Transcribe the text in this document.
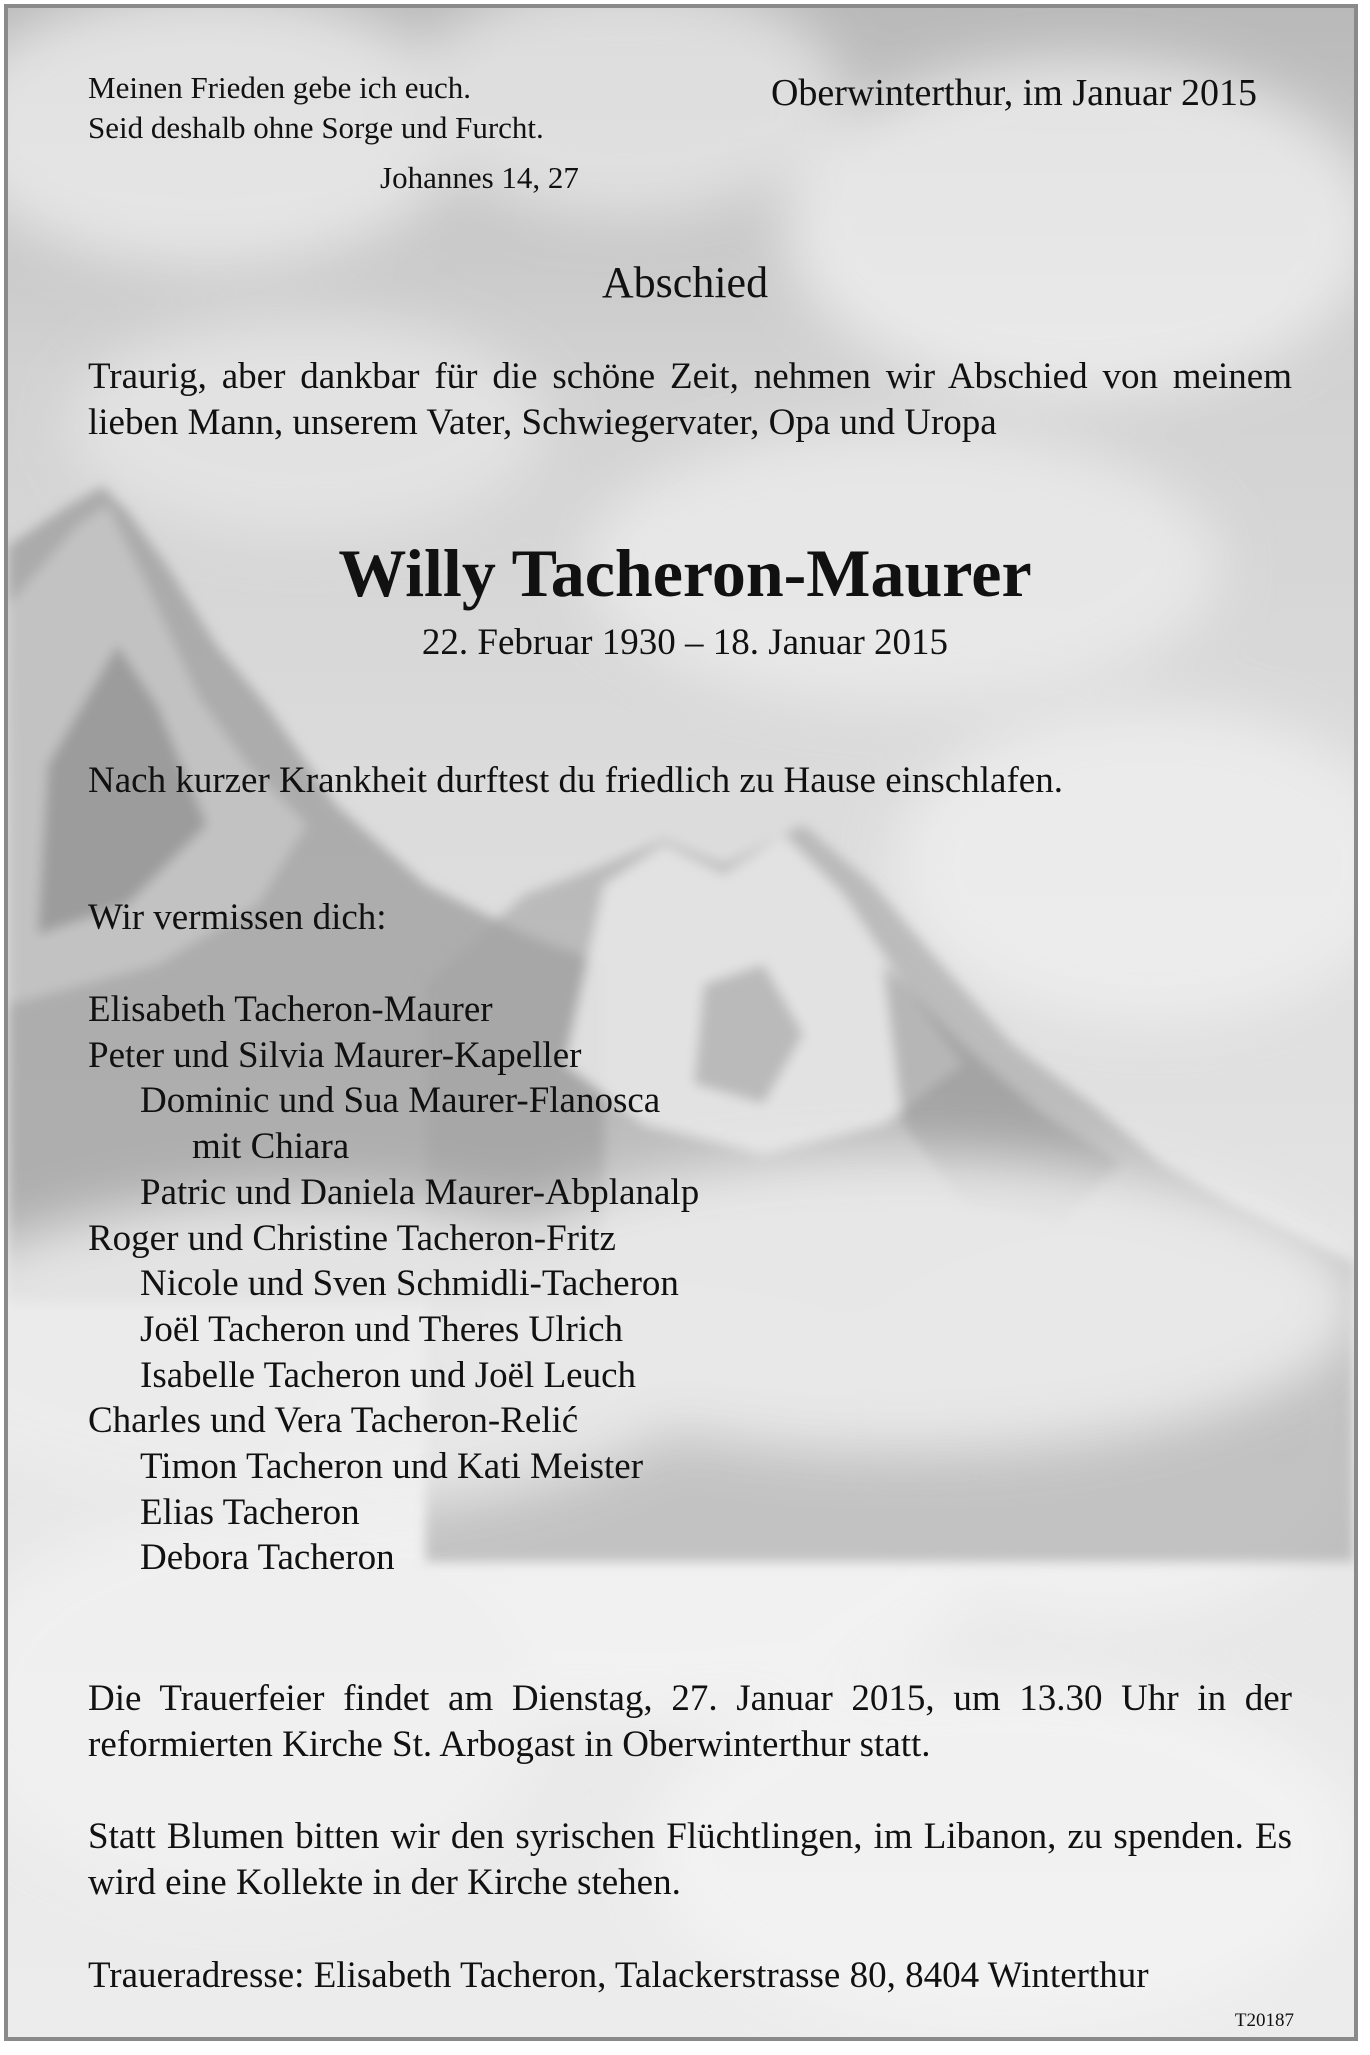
Meinen Frieden gebe ich euch.
Seid deshalb ohne Sorge und Furcht.
Johannes 14, 27
Oberwinterthur, im Januar 2015
Abschied

Traurig, aber dankbar für die schöne Zeit, nehmen wir Abschied von meinem lieben Mann, unserem Vater, Schwiegervater, Opa und Uropa

Willy Tacheron-Maurer
22. Februar 1930 – 18. Januar 2015
Nach kurzer Krankheit durftest du friedlich zu Hause einschlafen.
Wir vermissen dich:
Elisabeth Tacheron-Maurer
Peter und Silvia Maurer-Kapeller
Dominic und Sua Maurer-Flanosca
mit Chiara
Patric und Daniela Maurer-Abplanalp
Roger und Christine Tacheron-Fritz
Nicole und Sven Schmidli-Tacheron
Joël Tacheron und Theres Ulrich
Isabelle Tacheron und Joël Leuch
Charles und Vera Tacheron-Relić
Timon Tacheron und Kati Meister
Elias Tacheron
Debora Tacheron

Die Trauerfeier findet am Dienstag, 27. Januar 2015, um 13.30 Uhr in der reformierten Kirche St. Arbogast in Oberwinterthur statt.

Statt Blumen bitten wir den syrischen Flüchtlingen, im Libanon, zu spenden. Es wird eine Kollekte in der Kirche stehen.

Traueradresse: Elisabeth Tacheron, Talackerstrasse 80, 8404 Winterthur
T20187
